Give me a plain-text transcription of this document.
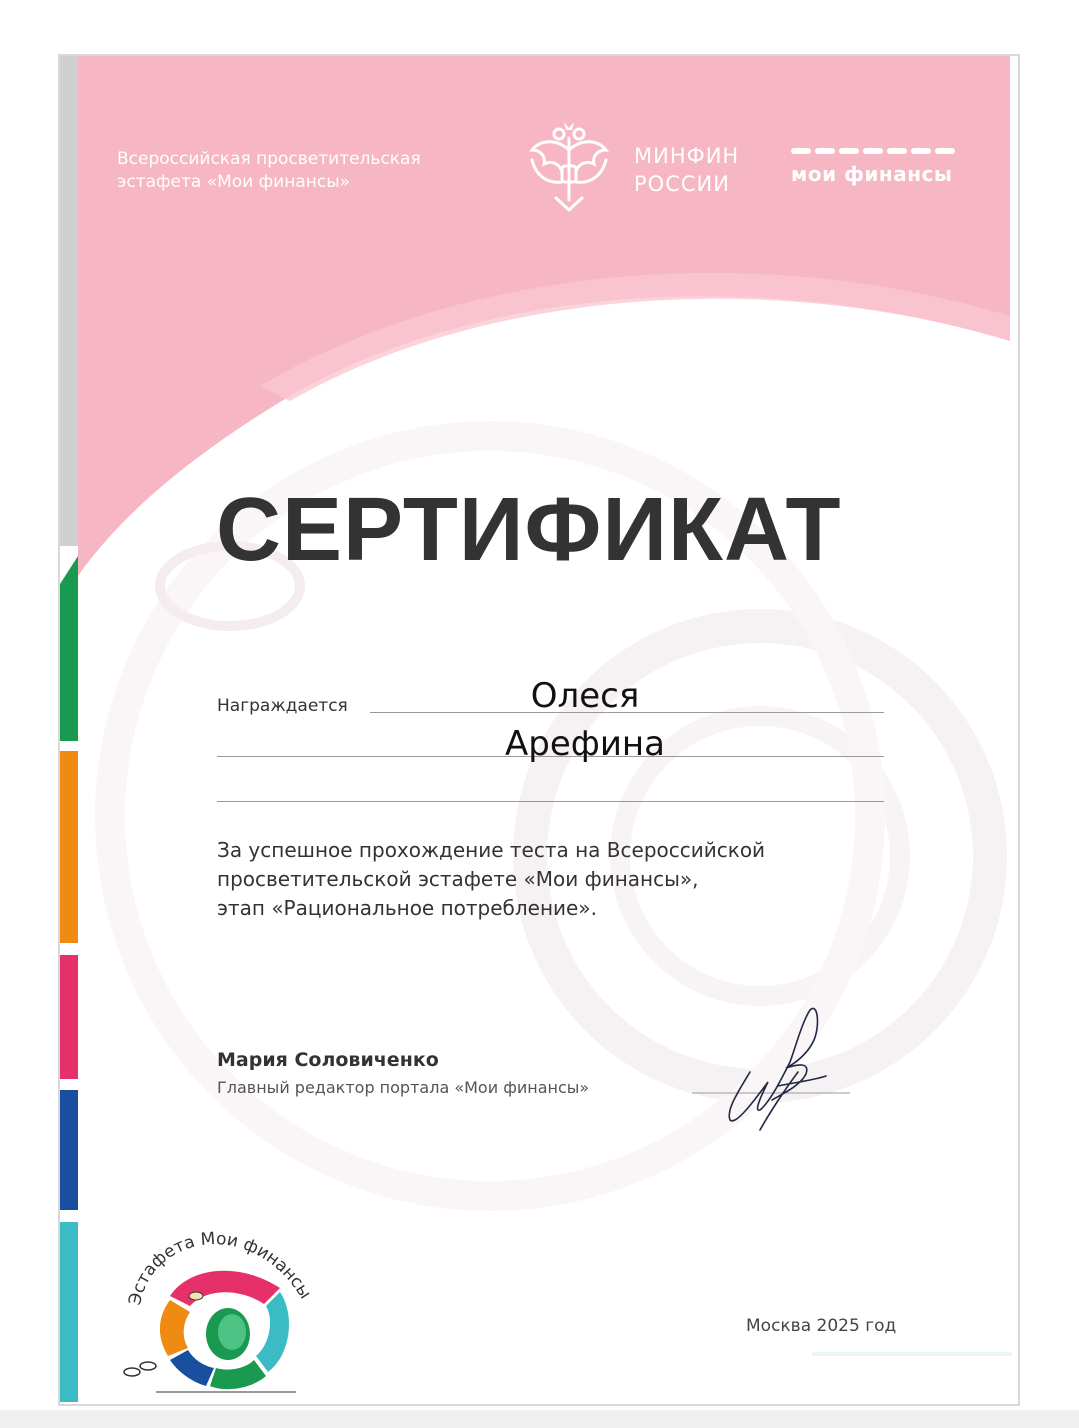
Всероссийская просветительская
эстафета «Мои финансы»
МИНФИН
РОССИИ	мои финансы
СЕРТИФИКАТ
Награждается	Олеся
Арефина
За успешное прохождение теста на Всероссийской
просветительской эстафете «Мои финансы»,
этап «Рациональное потребление».
Мария Соловиченко
Главный редактор портала «Мои финансы»
Москва 2025 год
Эстафета Мои финансы
